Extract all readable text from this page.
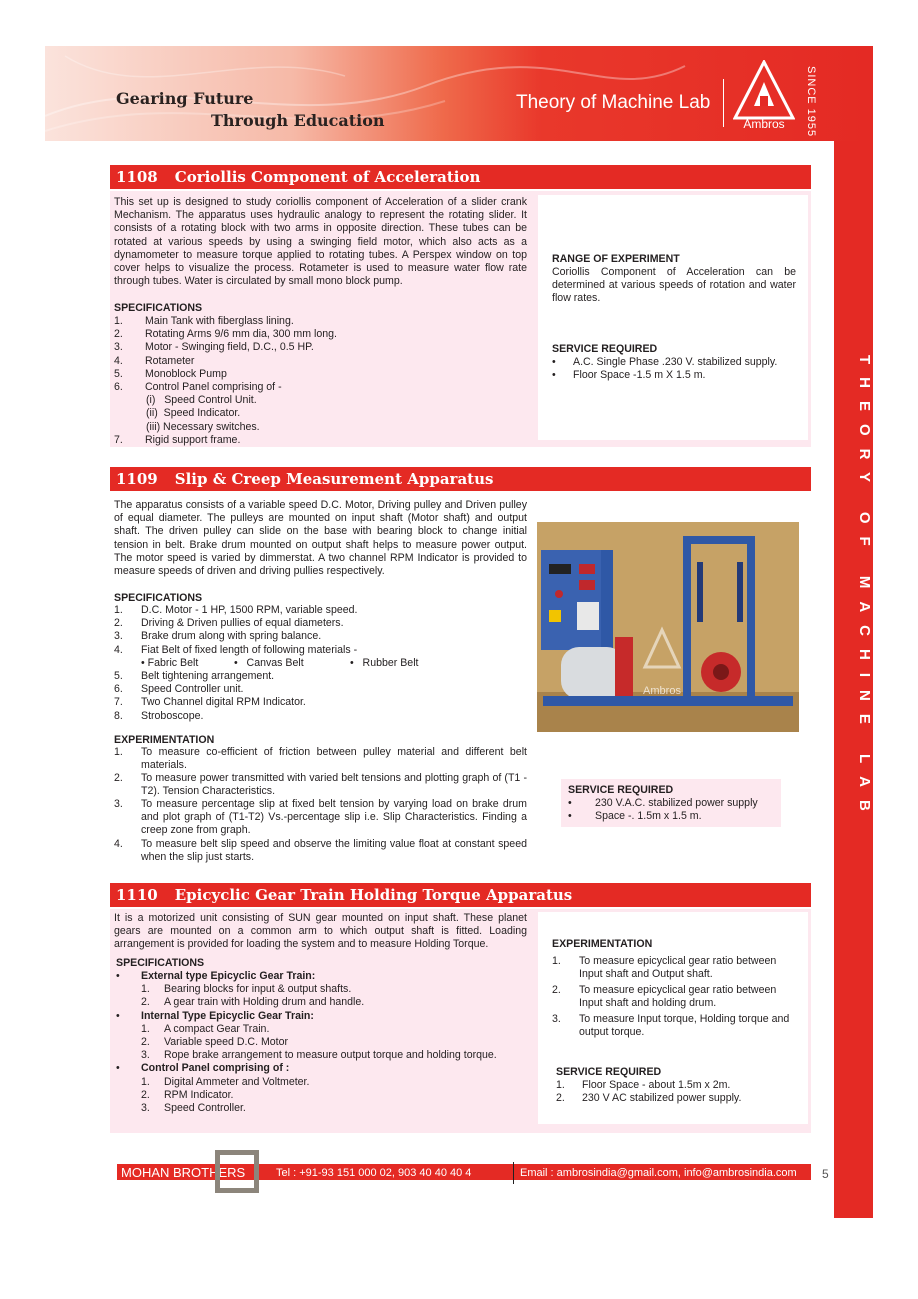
Gearing Future
Through Education
Theory of Machine Lab
Ambros SINCE 1955
THEORY OF MACHINE LAB
1108 Coriollis Component of Acceleration
This set up is designed to study coriollis component of Acceleration of a slider crank Mechanism. The apparatus uses hydraulic analogy to represent the rotating slider. It consists of a rotating block with two arms in opposite direction. These tubes can be rotated at various speeds by using a swinging field motor, which also acts as a dynamometer to measure torque applied to rotating tubes. A Perspex window on top cover helps to visualize the process. Rotameter is used to measure water flow rate through tubes. Water is circulated by small mono block pump.
SPECIFICATIONS
1. Main Tank with fiberglass lining.
2. Rotating Arms 9/6 mm dia, 300 mm long.
3. Motor - Swinging field, D.C., 0.5 HP.
4. Rotameter
5. Monoblock Pump
6. Control Panel comprising of -
(i)   Speed Control Unit.
(ii)  Speed Indicator.
(iii) Necessary switches.
7. Rigid support frame.
RANGE OF EXPERIMENT
Coriollis Component of Acceleration can be determined at various speeds of rotation and water flow rates.
SERVICE REQUIRED
• A.C. Single Phase .230 V. stabilized supply.
• Floor Space -1.5 m X 1.5 m.
1109 Slip & Creep Measurement Apparatus
The apparatus consists of a variable speed D.C. Motor, Driving pulley and Driven pulley of equal diameter. The pulleys are mounted on input shaft (Motor shaft) and output shaft. The driven pulley can slide on the base with bearing block to change initial tension in belt. Brake drum mounted on output shaft helps to measure power output. The motor speed is varied by dimmerstat. A two channel RPM Indicator is provided to measure speeds of driven and driving pullies respectively.
SPECIFICATIONS
1. D.C. Motor - 1 HP, 1500 RPM, variable speed.
2. Driving & Driven pullies of equal diameters.
3. Brake drum along with spring balance.
4. Fiat Belt of fixed length of following materials -
• Fabric Belt	•   Canvas Belt	•   Rubber Belt
5. Belt tightening arrangement.
6. Speed Controller unit.
7. Two Channel digital RPM Indicator.
8. Stroboscope.
EXPERIMENTATION
1. To measure co-efficient of friction between pulley material and different belt materials.
2. To measure power transmitted with varied belt tensions and plotting graph of (T1 - T2). Tension Characteristics.
3. To measure percentage slip at fixed belt tension by varying load on brake drum and plot graph of (T1-T2) Vs.-percentage slip i.e. Slip Characteristics. Finding a creep zone from graph.
4. To measure belt slip speed and observe the limiting value float at constant speed when the slip just starts.
Ambros
SERVICE REQUIRED
• 230 V.A.C. stabilized power supply
• Space -. 1.5m x 1.5 m.
1110 Epicyclic Gear Train Holding Torque Apparatus
It is a motorized unit consisting of SUN gear mounted on input shaft. These planet gears are mounted on a common arm to which output shaft is fitted. Loading arrangement is provided for loading the system and to measure Holding Torque.
SPECIFICATIONS
• External type Epicyclic Gear Train:
1. Bearing blocks for input & output shafts.
2. A gear train with Holding drum and handle.
• Internal Type Epicyclic Gear Train:
1. A compact Gear Train.
2. Variable speed D.C. Motor
3. Rope brake arrangement to measure output torque and holding torque.
• Control Panel comprising of :
1. Digital Ammeter and Voltmeter.
2. RPM Indicator.
3. Speed Controller.
EXPERIMENTATION
1. To measure epicyclical gear ratio between Input shaft and Output shaft.
2. To measure epicyclical gear ratio between Input shaft and holding drum.
3. To measure Input torque, Holding torque and output torque.
SERVICE REQUIRED
1. Floor Space - about 1.5m x 2m.
2. 230 V AC stabilized power supply.
MOHAN BROTHERS	Tel : +91-93 151 000 02, 903 40 40 40 4	Email : ambrosindia@gmail.com, info@ambrosindia.com 5
